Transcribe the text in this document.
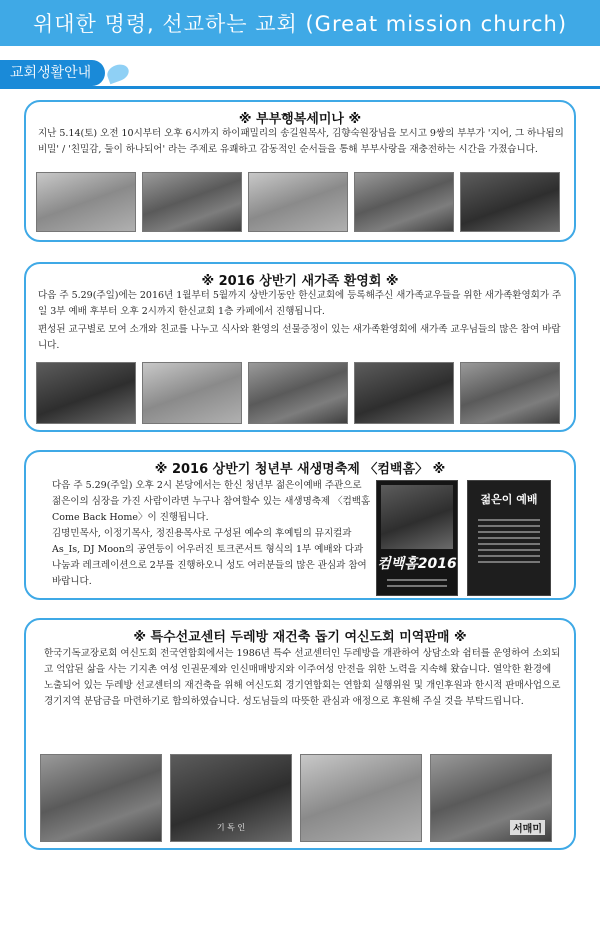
위대한 명령, 선교하는 교회 (Great mission church)
교회생활안내
※ 부부행복세미나 ※

지난 5.14(토) 오전 10시부터 오후 6시까지 하이패밀리의 송길원목사, 김향숙원장님을 모시고 9쌍의 부부가 '지어, 그 하나됨의 비밀' / '친밀감, 둘이 하나되어' 라는 주제로 유쾌하고 감동적인 순서들을 통해 부부사랑을 재충전하는 시간을 가졌습니다.

※ 2016 상반기 새가족 환영회 ※

다음 주 5.29(주일)에는 2016년 1월부터 5월까지 상반기동안 한신교회에 등록해주신 새가족교우들을 위한 새가족환영회가 주일 3부 예배 후부터 오후 2시까지 한신교회 1층 카페에서 진행됩니다.

편성된 교구별로 모여 소개와 친교를 나누고 식사와 환영의 선물증정이 있는 새가족환영회에 새가족 교우님들의 많은 참여 바랍니다.

※ 2016 상반기 청년부 새생명축제 〈컴백홈〉 ※

다음 주 5.29(주일) 오후 2시 본당에서는 한신 청년부 젊은이예배 주관으로 젊은이의 심장을 가진 사람이라면 누구나 참여할수 있는 새생명축제 〈컴백홈 Come Back Home〉이 진행됩니다.

김명민목사, 이정기목사, 정진용목사로 구성된 예수의 후예팀의 뮤지컬과 As_Is, DJ Moon의 공연등이 어우러진 토크콘서트 형식의 1부 예배와 다과 나눔과 레크레이션으로 2부를 진행하오니 성도 여러분들의 많은 관심과 참여 바랍니다.

컴백홈2016
젊은이 예배
※ 특수선교센터 두레방 재건축 돕기 여신도회 미역판매 ※

한국기독교장로회 여신도회 전국연합회에서는 1986년 특수 선교센터인 두레방을 개관하여 상담소와 쉼터를 운영하여 소외되고 억압된 삶을 사는 기지촌 여성 인권문제와 인신매매방지와 이주여성 안전을 위한 노력을 지속해 왔습니다. 열악한 환경에 노출되어 있는 두레방 선교센터의 재건축을 위해 여신도회 경기연합회는 연합회 실행위원 및 개인후원과 한시적 판매사업으로 경기지역 분담금을 마련하기로 합의하였습니다. 성도님들의 따뜻한 관심과 애정으로 후원해 주실 것을 부탁드립니다.

기 독 인	서매미
